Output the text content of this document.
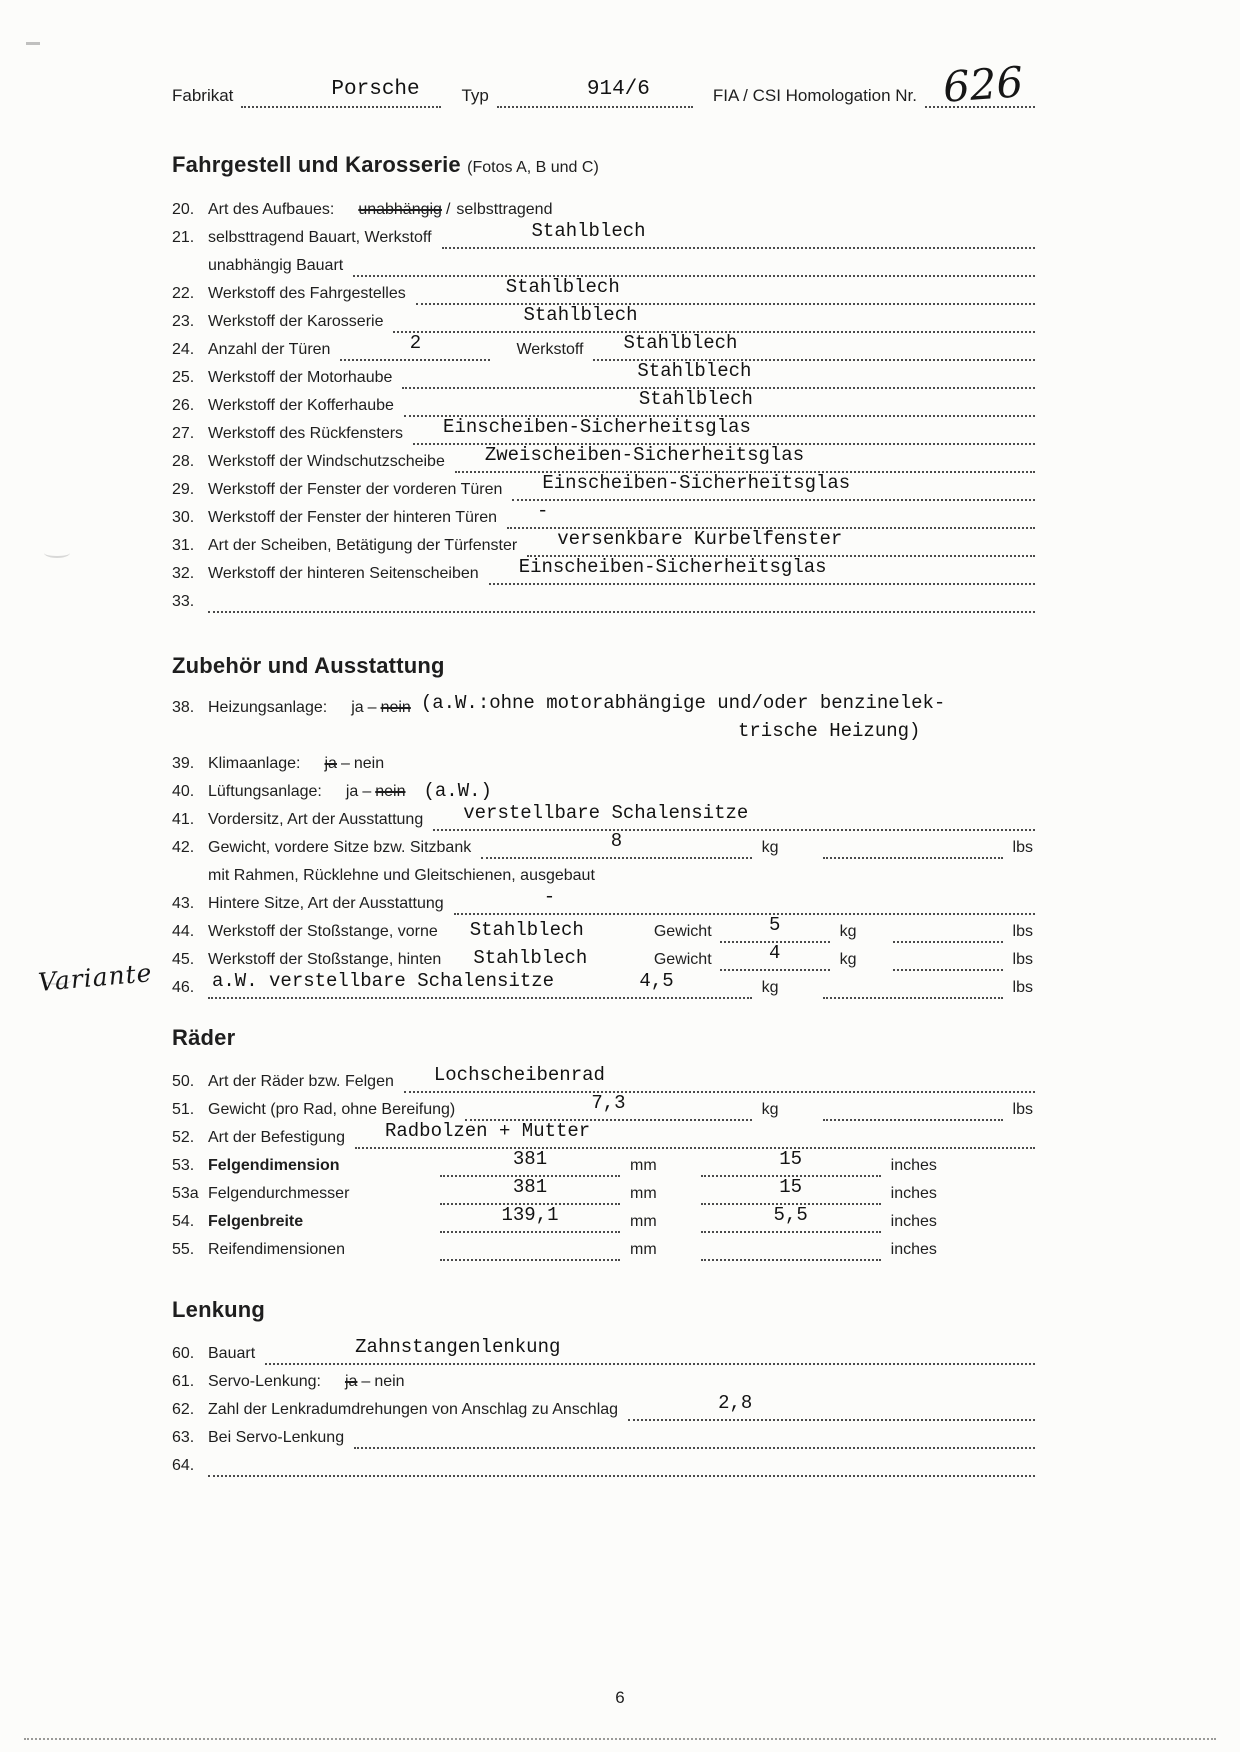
Fabrikat	Porsche Typ	914/6	FIA / CSI Homologation Nr. 626
Fahrgestell und Karosserie (Fotos A, B und C)
20. Art des Aufbaues: unabhängig / selbsttragend
21. selbsttragend Bauart, Werkstoff	Stahlblech
unabhängig Bauart
22. Werkstoff des Fahrgestelles	Stahlblech
23. Werkstoff der Karosserie	Stahlblech
24. Anzahl der Türen	2	Werkstoff Stahlblech
25. Werkstoff der Motorhaube	Stahlblech
26. Werkstoff der Kofferhaube	Stahlblech
27. Werkstoff des Rückfensters Einscheiben-Sicherheitsglas
28. Werkstoff der Windschutzscheibe Zweischeiben-Sicherheitsglas
29. Werkstoff der Fenster der vorderen Türen Einscheiben-Sicherheitsglas
30. Werkstoff der Fenster der hinteren Türen -
31. Art der Scheiben, Betätigung der Türfenster versenkbare Kurbelfenster
32. Werkstoff der hinteren Seitenscheiben Einscheiben-Sicherheitsglas
33.
Zubehör und Ausstattung
38. Heizungsanlage: ja – nein (a.W.:ohne motorabhängige und/oder benzinelek-
trische Heizung)
39. Klimaanlage: ja – nein
40. Lüftungsanlage: ja – nein (a.W.)
41. Vordersitz, Art der Ausstattung verstellbare Schalensitze
42. Gewicht, vordere Sitze bzw. Sitzbank	8	kg	lbs
mit Rahmen, Rücklehne und Gleitschienen, ausgebaut
43. Hintere Sitze, Art der Ausstattung	-
44. Werkstoff der Stoßstange, vorne Stahlblech	Gewicht	5	kg	lbs
45. Werkstoff der Stoßstange, hinten Stahlblech	Gewicht	4	kg	lbs
Variante 46. a.W. verstellbare Schalensitze	4,5	kg	lbs
Räder
50. Art der Räder bzw. Felgen Lochscheibenrad
51. Gewicht (pro Rad, ohne Bereifung)	7,3	kg	lbs
52. Art der Befestigung Radbolzen + Mutter
53. Felgendimension	381	mm	15	inches
53a Felgendurchmesser	381	mm	15	inches
54. Felgenbreite	139,1	mm	5,5	inches
55. Reifendimensionen	mm	inches
Lenkung
60. Bauart	Zahnstangenlenkung
61. Servo-Lenkung: ja – nein
62. Zahl der Lenkradumdrehungen von Anschlag zu Anschlag	2,8
63. Bei Servo-Lenkung
64.
6
